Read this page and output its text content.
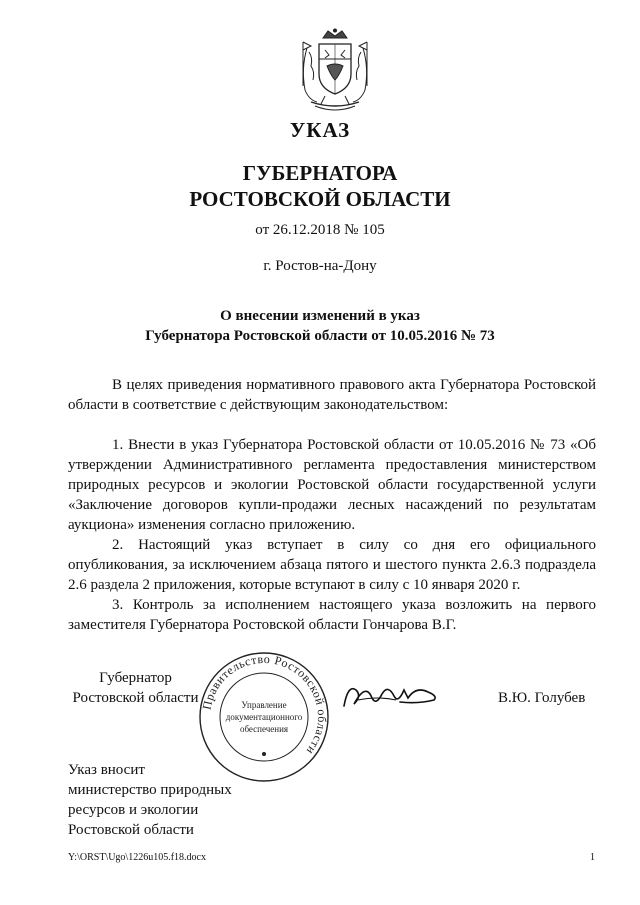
УКАЗ
ГУБЕРНАТОРА
РОСТОВСКОЙ ОБЛАСТИ
от 26.12.2018 № 105
г. Ростов-на-Дону
О внесении изменений в указ
Губернатора Ростовской области от 10.05.2016 № 73

В целях приведения нормативного правового акта Губернатора Ростовской области в соответствие с действующим законодательством:

1. Внести в указ Губернатора Ростовской области от 10.05.2016 № 73 «Об утверждении Административного регламента предоставления министерством природных ресурсов и экологии Ростовской области государственной услуги «Заключение договоров купли-продажи лесных насаждений по результатам аукциона» изменения согласно приложению.

2. Настоящий указ вступает в силу со дня его официального опубликования, за исключением абзаца пятого и шестого пункта 2.6.3 подраздела 2.6 раздела 2 приложения, которые вступают в силу с 10 января 2020 г.

3. Контроль за исполнением настоящего указа возложить на первого заместителя Губернатора Ростовской области Гончарова В.Г.

Губернатор
Ростовской области Правительство Ростовской области
Управление
документационного
обеспечения
В.Ю. Голубев
Указ вносит
министерство природных
ресурсов и экологии
Ростовской области
Y:\ORST\Ugo\1226u105.f18.docx	1
